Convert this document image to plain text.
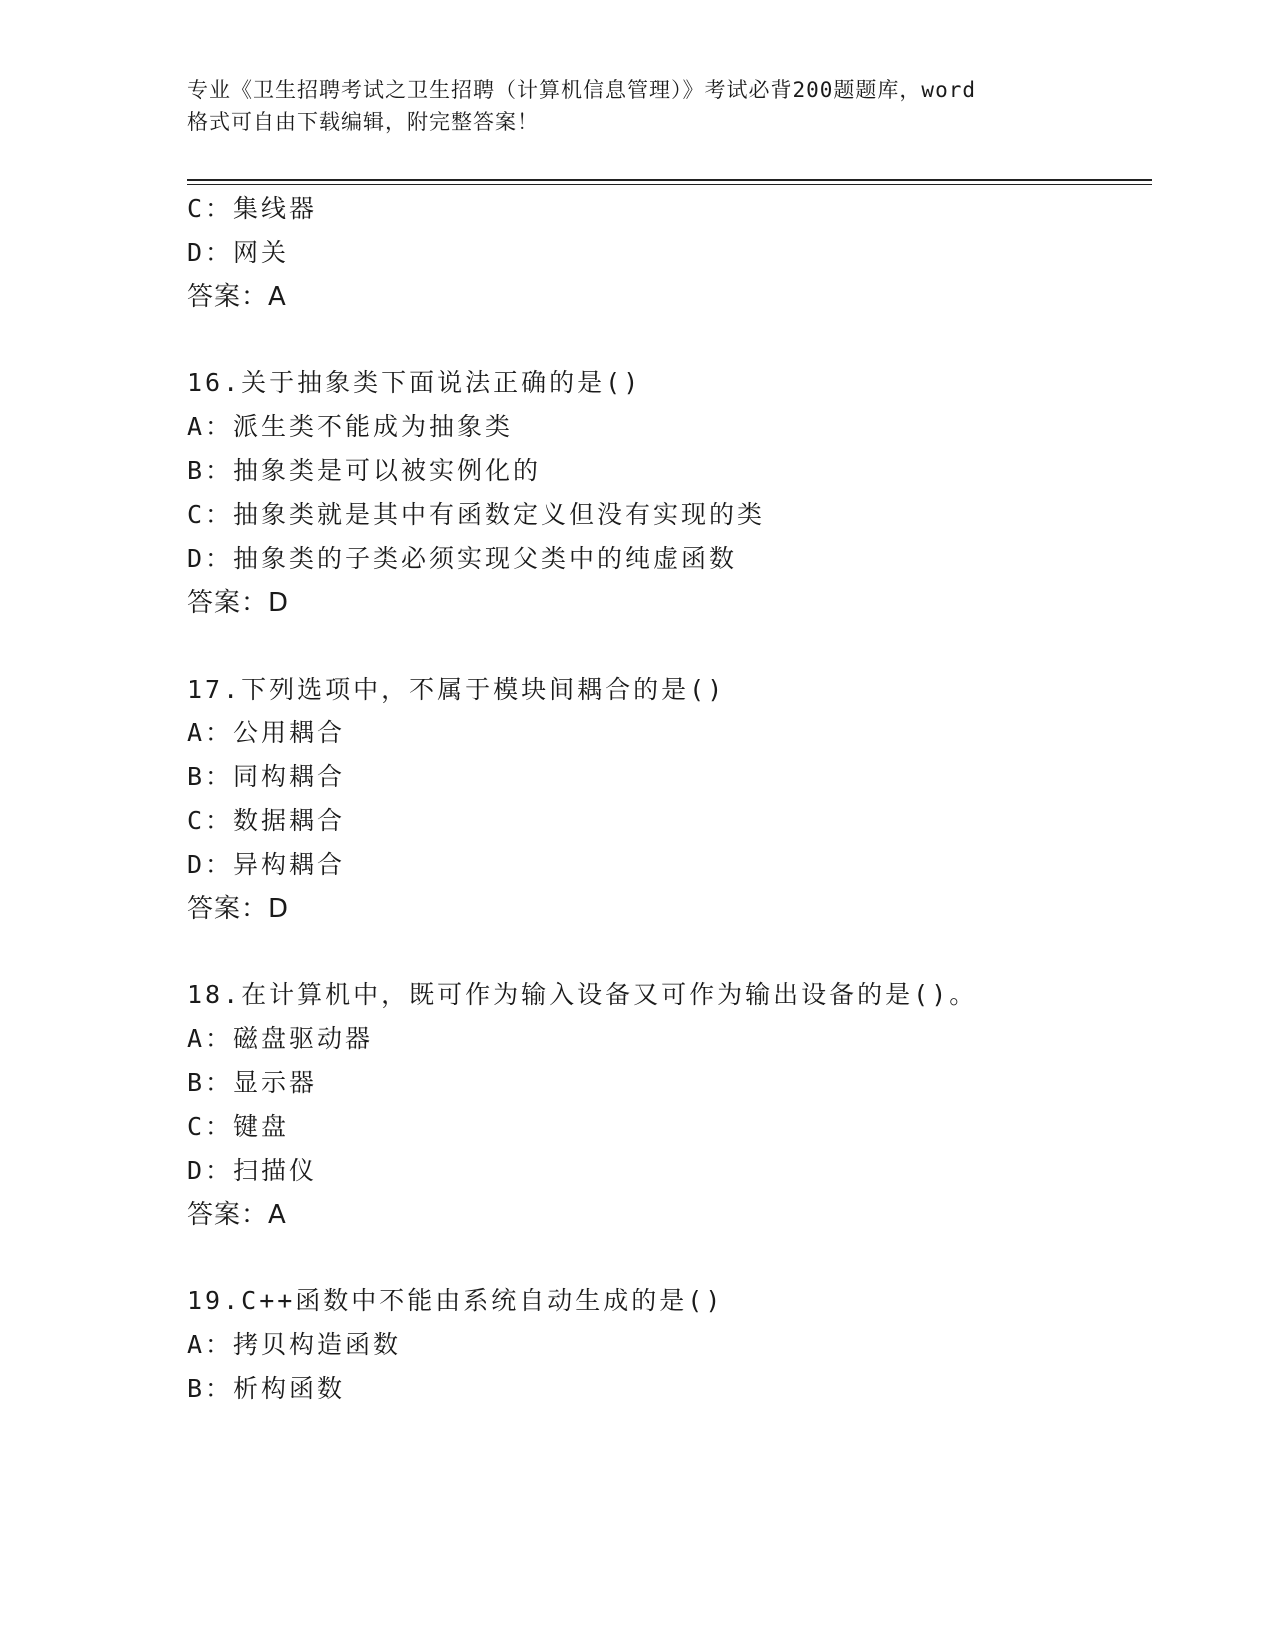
专业《卫生招聘考试之卫生招聘（计算机信息管理）》考试必背200题题库，word
格式可自由下载编辑，附完整答案！
C：集线器
D：网关
答案：A
16.关于抽象类下面说法正确的是()
A：派生类不能成为抽象类
B：抽象类是可以被实例化的
C：抽象类就是其中有函数定义但没有实现的类
D：抽象类的子类必须实现父类中的纯虚函数
答案：D
17.下列选项中，不属于模块间耦合的是()
A：公用耦合
B：同构耦合
C：数据耦合
D：异构耦合
答案：D
18.在计算机中，既可作为输入设备又可作为输出设备的是()。
A：磁盘驱动器
B：显示器
C：键盘
D：扫描仪
答案：A
19.C++函数中不能由系统自动生成的是()
A：拷贝构造函数
B：析构函数
